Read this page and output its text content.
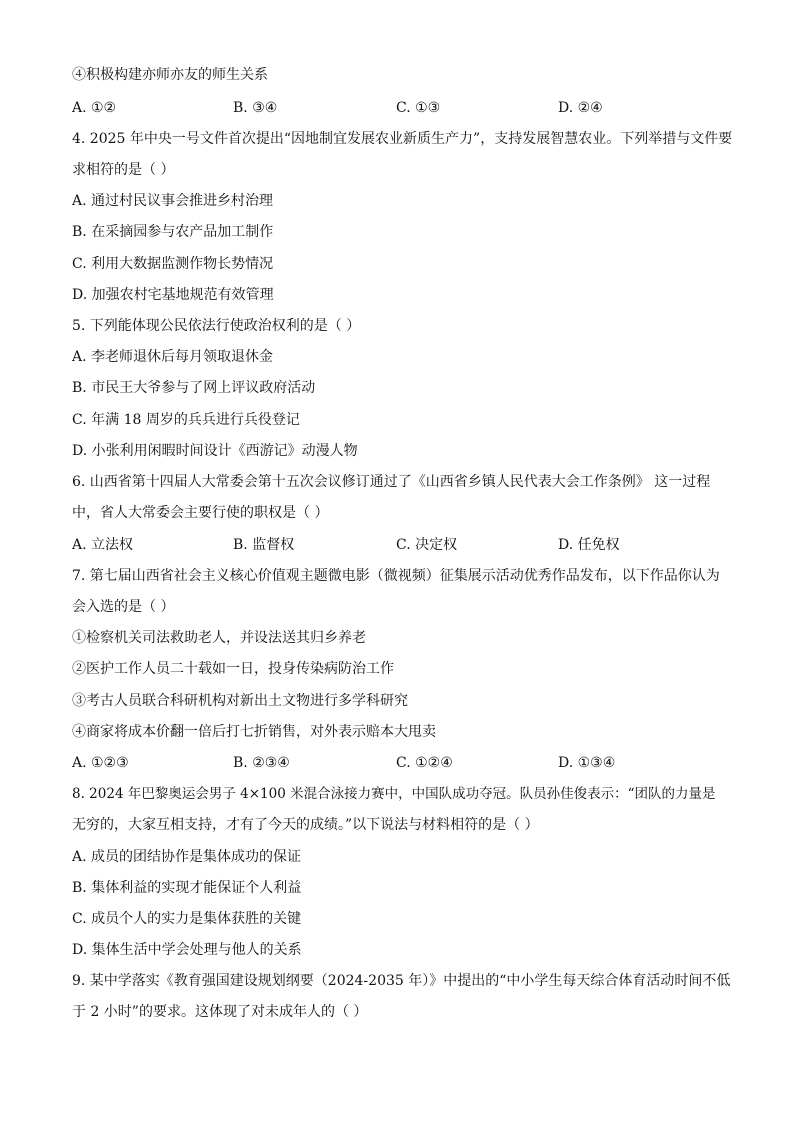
④积极构建亦师亦友的师生关系
A. ①②	B. ③④	C. ①③	D. ②④
4. 2025 年中央一号文件首次提出“因地制宜发展农业新质生产力”，支持发展智慧农业。下列举措与文件要
求相符的是（ ）
A. 通过村民议事会推进乡村治理
B. 在采摘园参与农产品加工制作
C. 利用大数据监测作物长势情况
D. 加强农村宅基地规范有效管理
5. 下列能体现公民依法行使政治权利的是（ ）
A. 李老师退休后每月领取退休金
B. 市民王大爷参与了网上评议政府活动
C. 年满 18 周岁的兵兵进行兵役登记
D. 小张利用闲暇时间设计《西游记》动漫人物
6. 山西省第十四届人大常委会第十五次会议修订通过了《山西省乡镇人民代表大会工作条例》 这一过程
中，省人大常委会主要行使的职权是（ ）
A. 立法权	B. 监督权	C. 决定权	D. 任免权
7. 第七届山西省社会主义核心价值观主题微电影（微视频）征集展示活动优秀作品发布，以下作品你认为
会入选的是（ ）
①检察机关司法救助老人，并设法送其归乡养老
②医护工作人员二十载如一日，投身传染病防治工作
③考古人员联合科研机构对新出土文物进行多学科研究
④商家将成本价翻一倍后打七折销售，对外表示赔本大甩卖
A. ①②③	B. ②③④	C. ①②④	D. ①③④
8. 2024 年巴黎奥运会男子 4×100 米混合泳接力赛中，中国队成功夺冠。队员孙佳俊表示：“团队的力量是
无穷的，大家互相支持，才有了今天的成绩。”以下说法与材料相符的是（ ）
A. 成员的团结协作是集体成功的保证
B. 集体利益的实现才能保证个人利益
C. 成员个人的实力是集体获胜的关键
D. 集体生活中学会处理与他人的关系
9. 某中学落实《教育强国建设规划纲要（2024-2035 年）》中提出的“中小学生每天综合体育活动时间不低
于 2 小时”的要求。这体现了对未成年人的（ ）
